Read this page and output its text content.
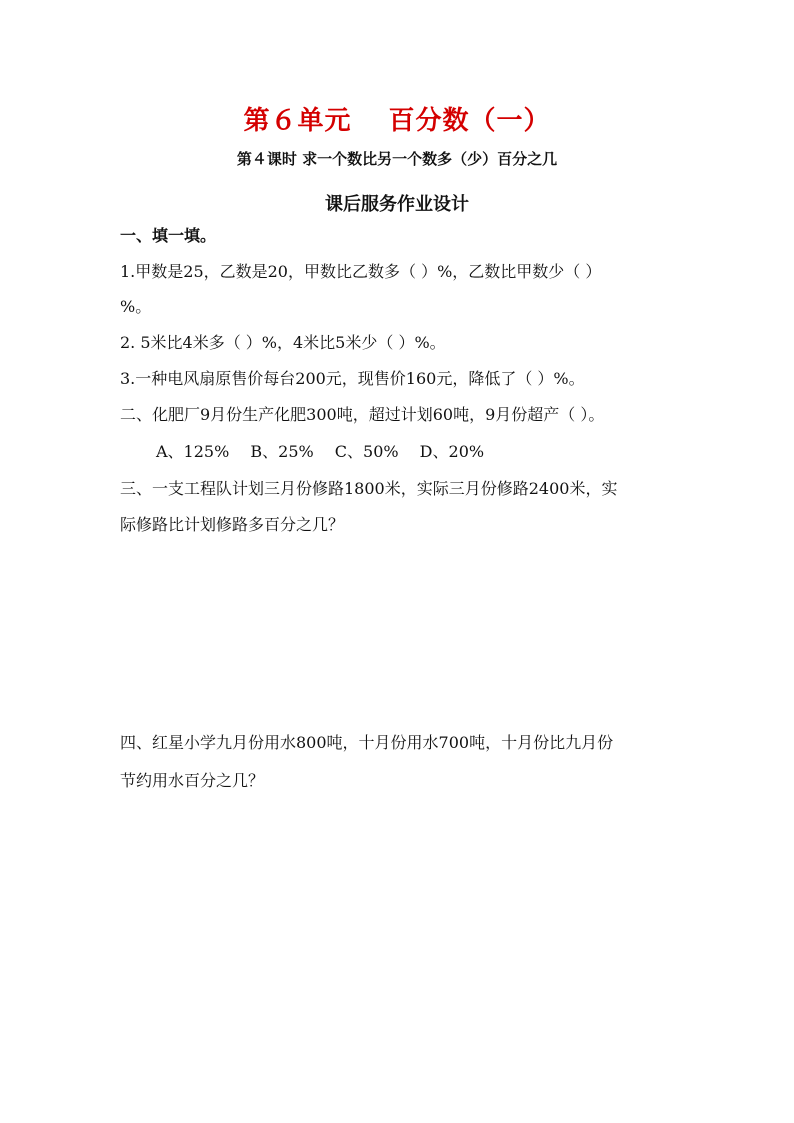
第６单元　 百分数（一）
第４课时 求一个数比另一个数多（少）百分之几
课后服务作业设计
一、填一填。
1.甲数是25，乙数是20，甲数比乙数多（ ）%，乙数比甲数少（ ）
%。
2. 5米比4米多（ ）%，4米比5米少（ ）%。
3.一种电风扇原售价每台200元，现售价160元，降低了（ ）%。
二、化肥厂9月份生产化肥300吨，超过计划60吨，9月份超产（ ）。
A、125%　 B、25%　 C、50%　 D、20%
三、一支工程队计划三月份修路1800米，实际三月份修路2400米，实
际修路比计划修路多百分之几？
四、红星小学九月份用水800吨，十月份用水700吨，十月份比九月份
节约用水百分之几？
